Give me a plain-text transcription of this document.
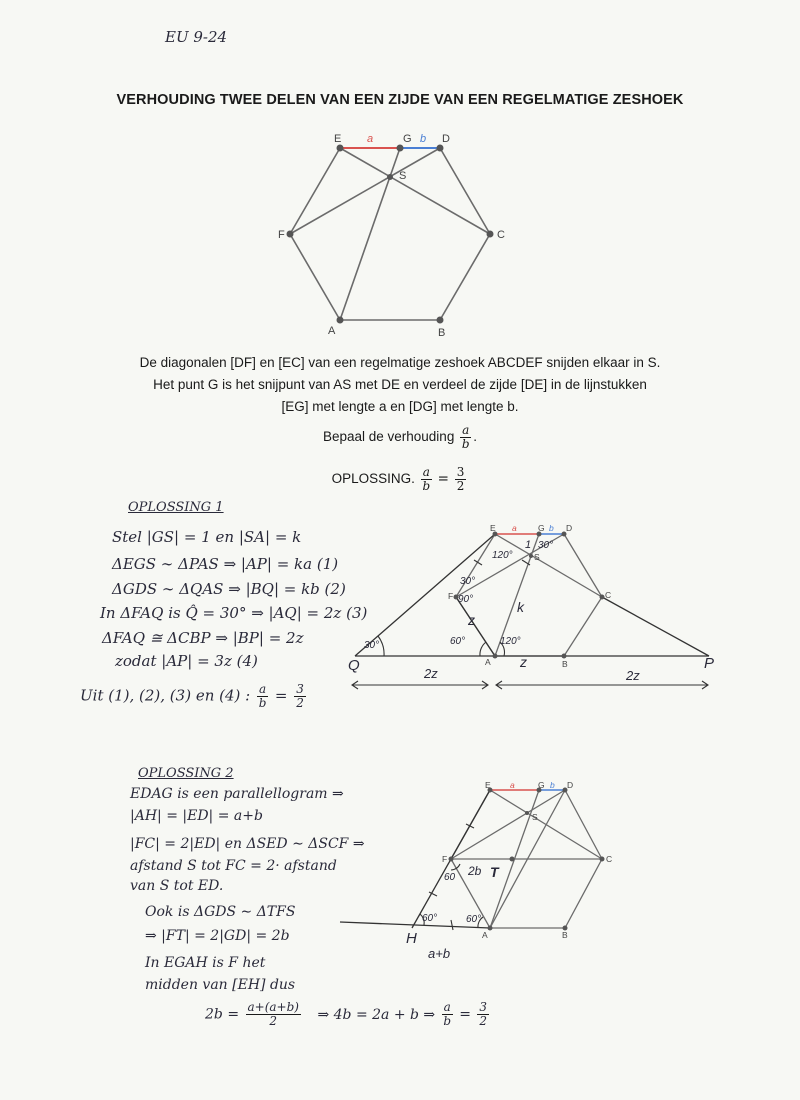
EU 9-24
VERHOUDING TWEE DELEN VAN EEN ZIJDE VAN EEN REGELMATIGE ZESHOEK
E a	G b D
S
F	C
A	B
De diagonalen [DF] en [EC] van een regelmatige zeshoek ABCDEF snijden elkaar in S.
Het punt G is het snijpunt van AS met DE en verdeel de zijde [DE] in de lijnstukken
[EG] met lengte a en [DG] met lengte b.
Bepaal de verhouding $\frac{a}{b}$ .
OPLOSSING. $\frac{a}{b} = \frac{3}{2}$
OPLOSSING 1
Stel |GS| = 1 en |SA| = k
ΔEGS ∼ ΔPAS ⇒ |AP| = ka (1)
ΔGDS ∼ ΔQAS ⇒ |BQ| = kb (2)
In ΔFAQ is Q̂ = 30° ⇒ |AQ| = 2z (3)
ΔFAQ ≅ ΔCBP ⇒ |BP| = 2z
zodat |AP| = 3z (4)
Uit (1), (2), (3) en (4) : $\frac{a}{b} = \frac{3}{2}$
E a	G b D
S
F	C
A	B
Q	P
z
z
k
1
2z	2z
120°
30°
30°
90°
60°
30°	120°
OPLOSSING 2
EDAG is een parallellogram ⇒
|AH| = |ED| = a+b
|FC| = 2|ED| en ΔSED ∼ ΔSCF ⇒
afstand S tot FC = 2· afstand
van S tot ED.
Ook is ΔGDS ∼ ΔTFS
⇒ |FT| = 2|GD| = 2b
In EGAH is F het
midden van [EH] dus
$2b = \frac{a+(a+b)}{2}$ ⇒ 4b = 2a + b ⇒ $\frac{a}{b} = \frac{3}{2}$
E a	G b D
S
F	C
A	B
H
T
2b
a+b
60
60°	60°
